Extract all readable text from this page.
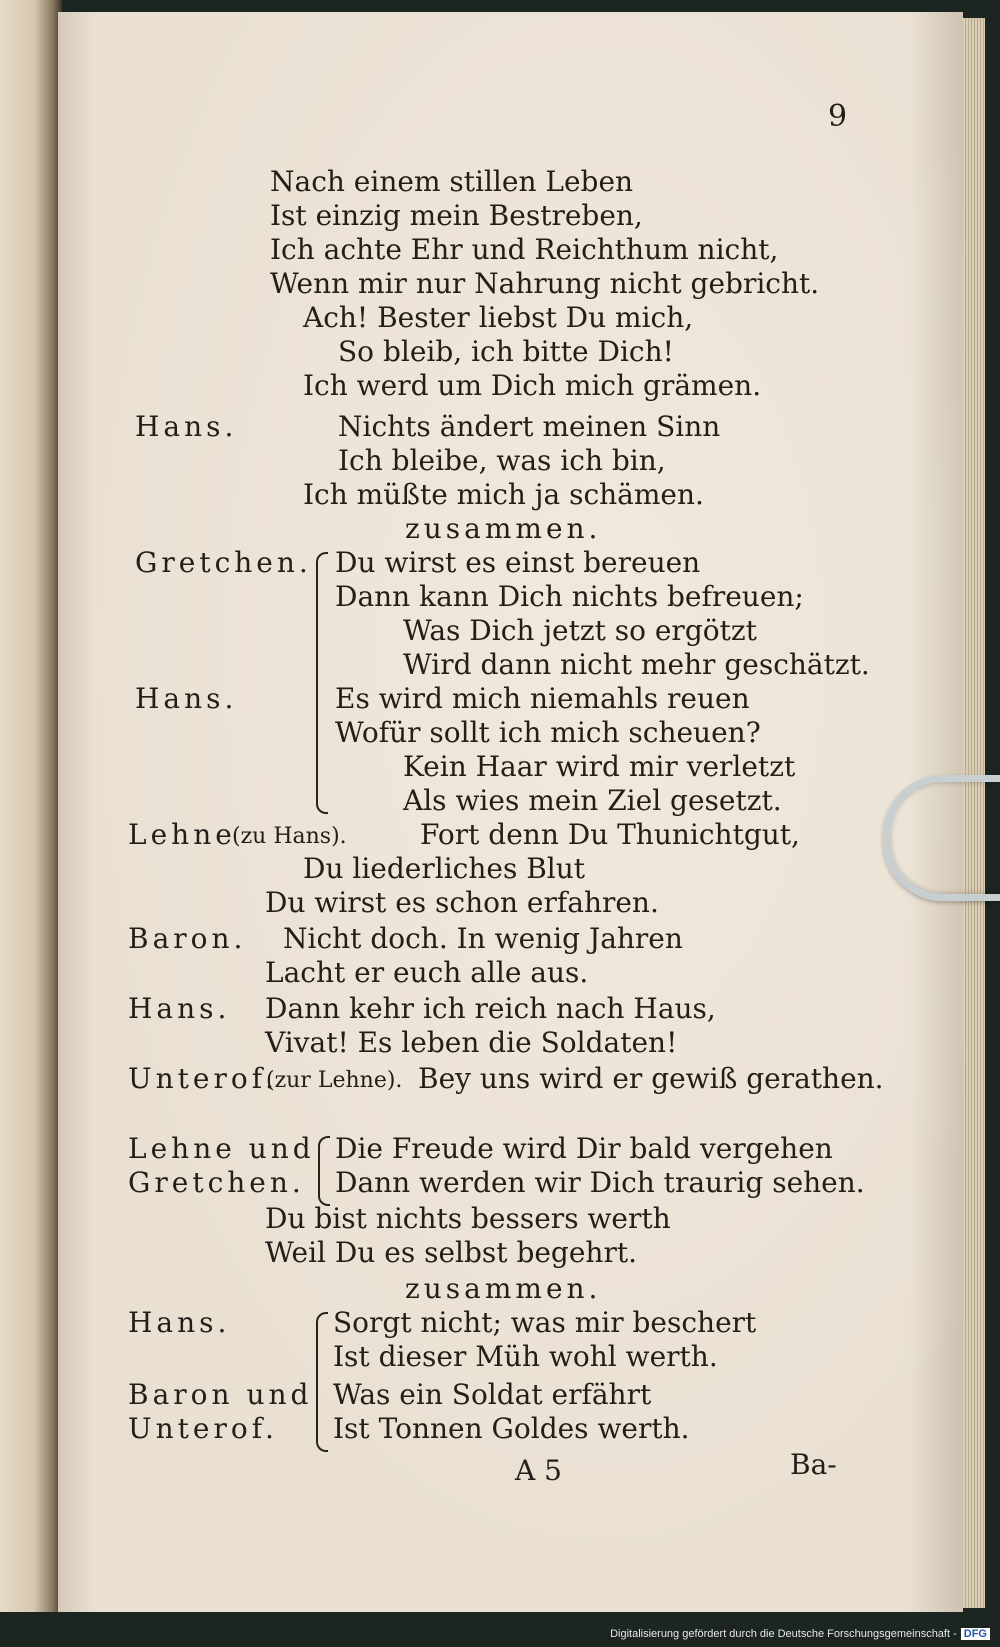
9
Nach einem stillen Leben
Ist einzig mein Bestreben,
Ich achte Ehr und Reichthum nicht,
Wenn mir nur Nahrung nicht gebricht.
Ach! Bester liebst Du mich,
So bleib, ich bitte Dich!
Ich werd um Dich mich grämen.
Hans.	Nichts ändert meinen Sinn
Ich bleibe, was ich bin,
Ich müßte mich ja schämen.
zusammen.
Gretchen. Du wirst es einst bereuen
Dann kann Dich nichts befreuen;
Was Dich jetzt so ergötzt
Wird dann nicht mehr geschätzt.
Hans.	Es wird mich niemahls reuen
Wofür sollt ich mich scheuen?
Kein Haar wird mir verletzt
Als wies mein Ziel gesetzt.
Lehne
(zu Hans).	Fort denn Du Thunichtgut,
Du liederliches Blut
Du wirst es schon erfahren.
Baron. Nicht doch. In wenig Jahren
Lacht er euch alle aus.
Hans. Dann kehr ich reich nach Haus,
Vivat! Es leben die Soldaten!
Unterof.
(zur Lehne). Bey uns wird er gewiß gerathen.
Lehne und
Gretchen.
Die Freude wird Dir bald vergehen
Dann werden wir Dich traurig sehen.
Du bist nichts bessers werth
Weil Du es selbst begehrt.
zusammen.
Hans.	Sorgt nicht; was mir beschert
Ist dieser Müh wohl werth.
Baron und Was ein Soldat erfährt
Unterof. Ist Tonnen Goldes werth.
A 5	Ba-
Digitalisierung gefördert durch die Deutsche Forschungsgemeinschaft - DFG
